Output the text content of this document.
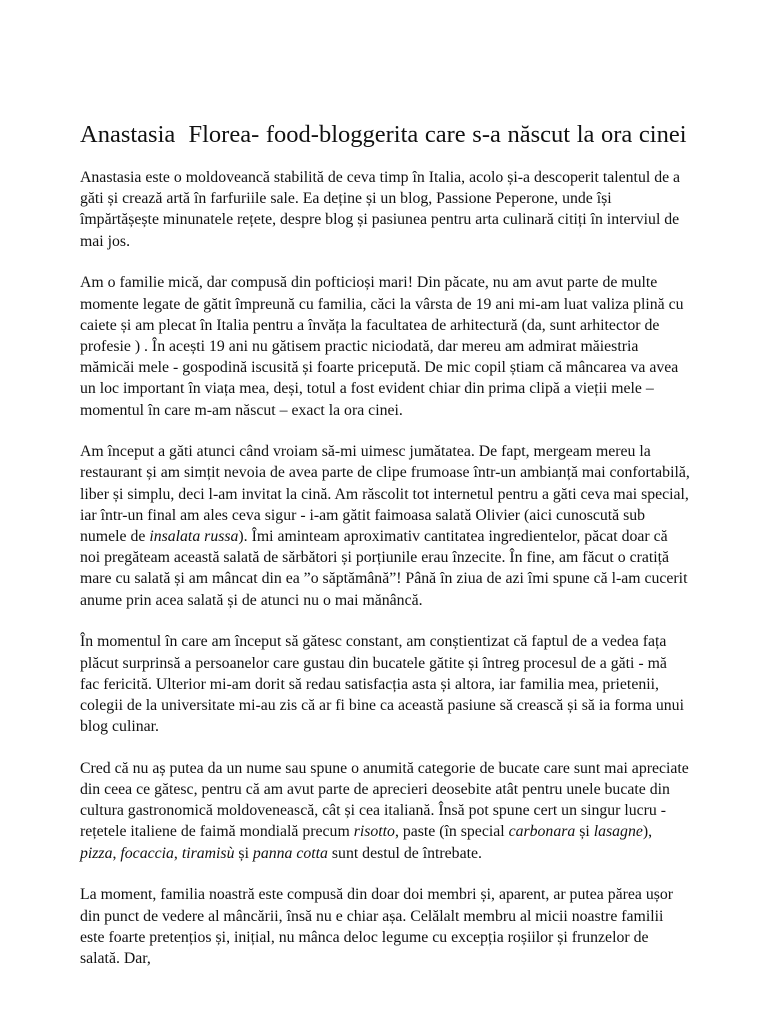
Anastasia  Florea- food-bloggerita care s-a născut la ora cinei

Anastasia este o moldoveancă stabilită de ceva timp în Italia, acolo și-a descoperit talentul de a găti și crează artă în farfuriile sale. Ea deține și un blog, Passione Peperone, unde își împărtășește minunatele rețete, despre blog și pasiunea pentru arta culinară citiți în interviul de mai jos.

Am o familie mică, dar compusă din pofticioși mari! Din păcate, nu am avut parte de multe momente legate de gătit împreună cu familia, căci la vârsta de 19 ani mi-am luat valiza plină cu caiete și am plecat în Italia pentru a învăța la facultatea de arhitectură (da, sunt arhitector de profesie ) . În acești 19 ani nu gătisem practic niciodată, dar mereu am admirat măiestria mămicăi mele - gospodină iscusită și foarte pricepută. De mic copil știam că mâncarea va avea un loc important în viața mea, deși, totul a fost evident chiar din prima clipă a vieții mele – momentul în care m-am născut – exact la ora cinei.

Am început a găti atunci când vroiam să-mi uimesc jumătatea. De fapt, mergeam mereu la restaurant și am simțit nevoia de avea parte de clipe frumoase într-un ambianță mai confortabilă, liber și simplu, deci l-am invitat la cină. Am răscolit tot internetul pentru a găti ceva mai special, iar într-un final am ales ceva sigur - i-am gătit faimoasa salată Olivier (aici cunoscută sub numele de insalata russa). Îmi aminteam aproximativ cantitatea ingredientelor, păcat doar că noi pregăteam această salată de sărbători și porțiunile erau înzecite. În fine, am făcut o cratiță mare cu salată și am mâncat din ea ”o săptămână”! Până în ziua de azi îmi spune că l-am cucerit anume prin acea salată și de atunci nu o mai mănâncă.

În momentul în care am început să gătesc constant, am conștientizat că faptul de a vedea fața plăcut surprinsă a persoanelor care gustau din bucatele gătite și întreg procesul de a găti - mă fac fericită. Ulterior mi-am dorit să redau satisfacția asta și altora, iar familia mea, prietenii, colegii de la universitate mi-au zis că ar fi bine ca această pasiune să crească și să ia forma unui blog culinar.

Cred că nu aș putea da un nume sau spune o anumită categorie de bucate care sunt mai apreciate din ceea ce gătesc, pentru că am avut parte de aprecieri deosebite atât pentru unele bucate din cultura gastronomică moldovenească, cât și cea italiană. Însă pot spune cert un singur lucru - rețetele italiene de faimă mondială precum risotto, paste (în special carbonara și lasagne), pizza, focaccia, tiramisù și panna cotta sunt destul de întrebate.

La moment, familia noastră este compusă din doar doi membri și, aparent, ar putea părea ușor din punct de vedere al mâncării, însă nu e chiar așa. Celălalt membru al micii noastre familii este foarte pretențios și, inițial, nu mânca deloc legume cu excepția roșiilor și frunzelor de salată. Dar,
